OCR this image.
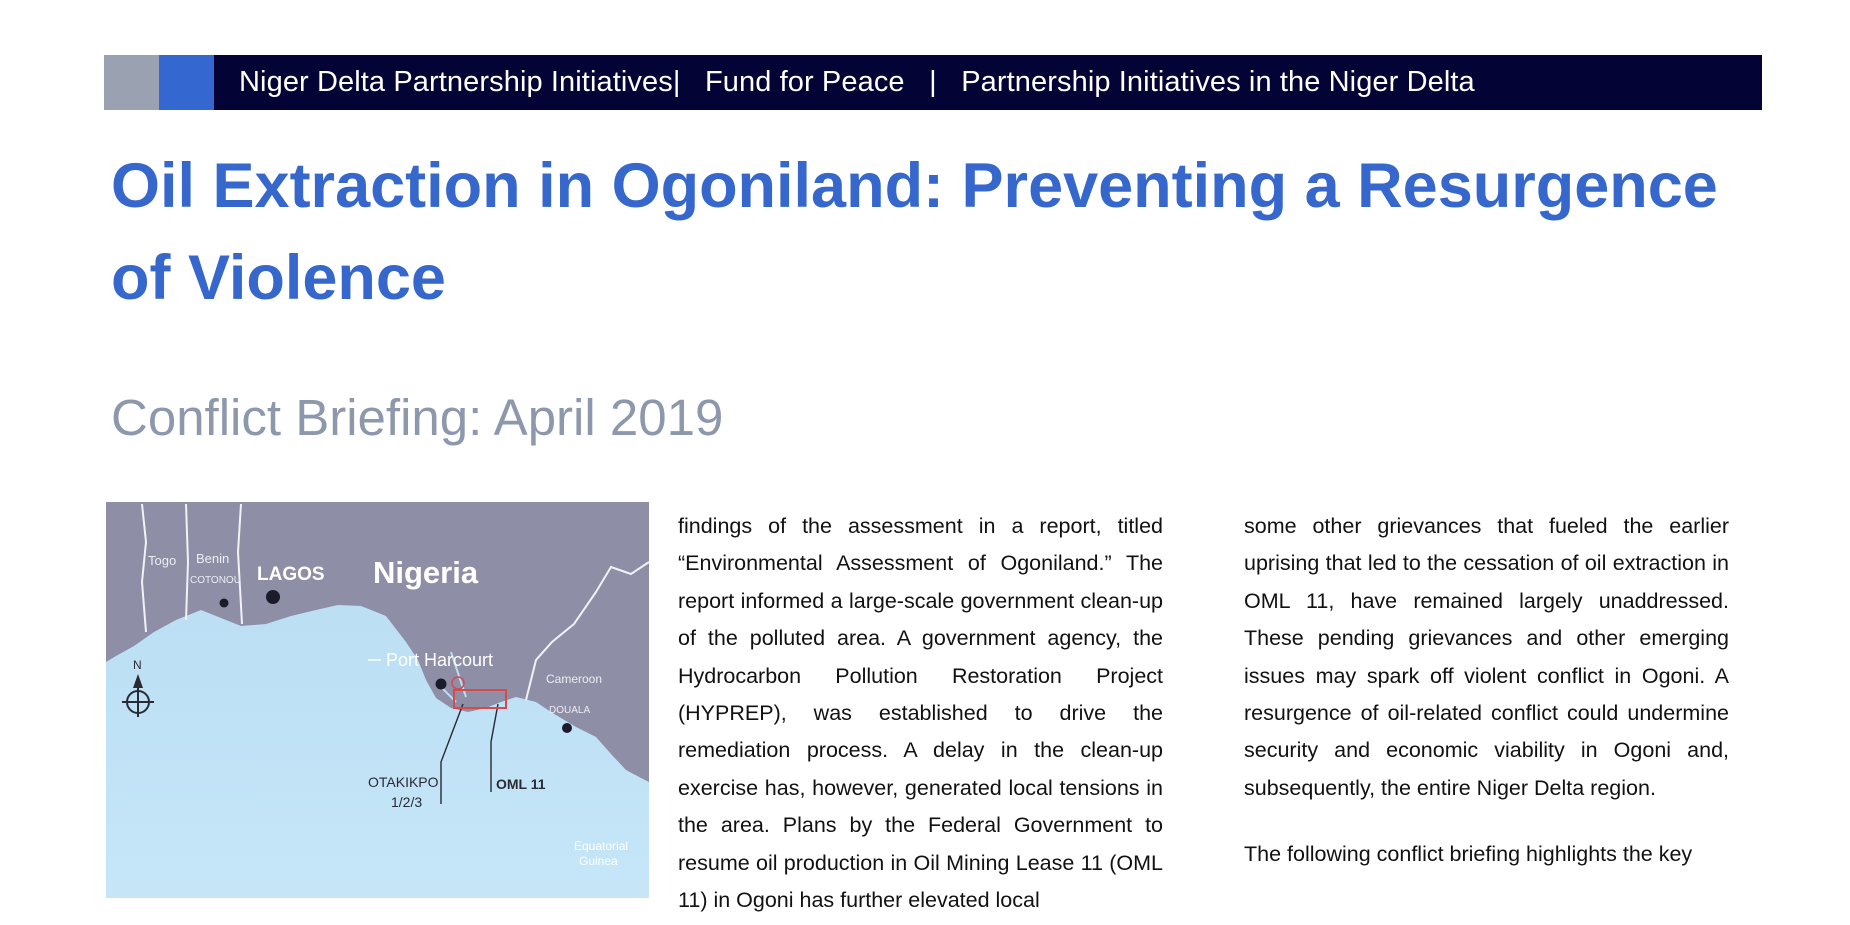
Niger Delta Partnership Initiatives|   Fund for Peace   |   Partnership Initiatives in the Niger Delta
Oil Extraction in Ogoniland: Preventing a Resurgence of Violence
Conflict Briefing: April 2019
N
Togo Benin
COTONOU LAGOS Nigeria
Port Harcourt
Cameroon
DOUALA
OTAKIKPO
1/2/3
OML 11
Equatorial
Guinea

findings of the assessment in a report, titled “Environmental Assessment of Ogoniland.” The report informed a large-scale government clean-up of the polluted area. A government agency, the Hydrocarbon Pollution Restoration Project (HYPREP), was established to drive the remediation process. A delay in the clean-up exercise has, however, generated local tensions in the area. Plans by the Federal Government to resume oil production in Oil Mining Lease 11 (OML 11) in Ogoni has further elevated local

some other grievances that fueled the earlier uprising that led to the cessation of oil extraction in OML 11, have remained largely unaddressed. These pending grievances and other emerging issues may spark off violent conflict in Ogoni. A resurgence of oil-related conflict could undermine security and economic viability in Ogoni and, subsequently, the entire Niger Delta region.

The following conflict briefing highlights the key
